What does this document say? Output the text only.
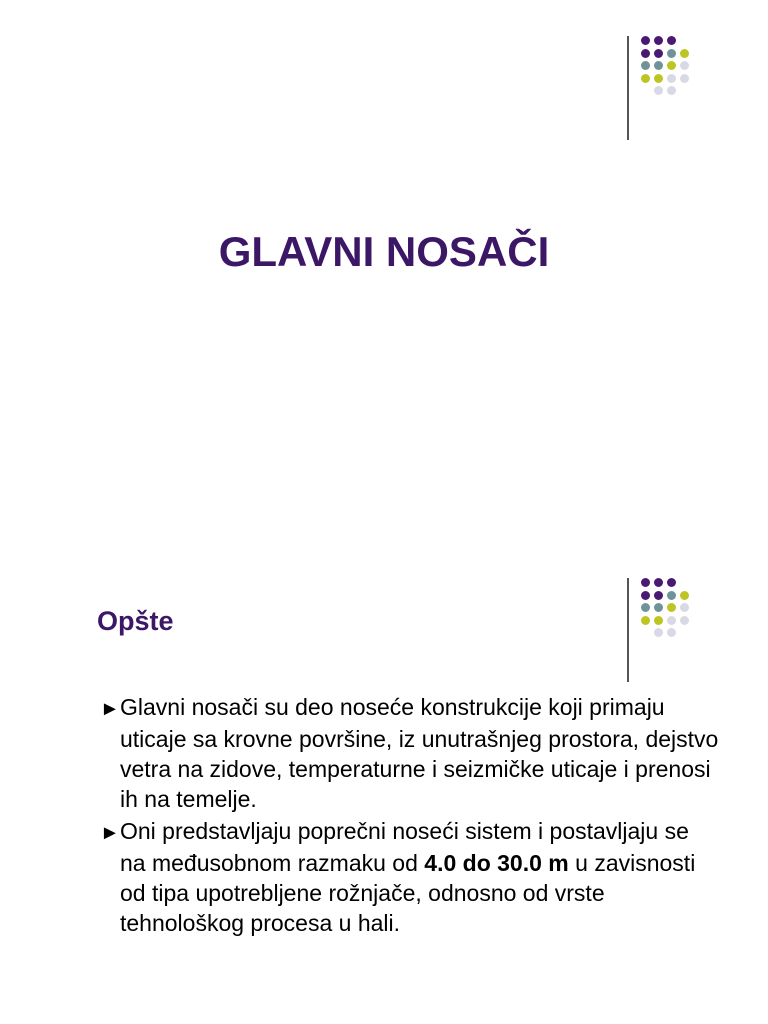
GLAVNI NOSAČI
Opšte
►Glavni nosači su deo noseće konstrukcije koji primaju uticaje sa krovne površine, iz unutrašnjeg prostora, dejstvo vetra na zidove, temperaturne i seizmičke uticaje i prenosi ih na temelje.
►Oni predstavljaju poprečni noseći sistem i postavljaju se na međusobnom razmaku od 4.0 do 30.0 m u zavisnosti od tipa upotrebljene rožnjače, odnosno od vrste tehnološkog procesa u hali.
